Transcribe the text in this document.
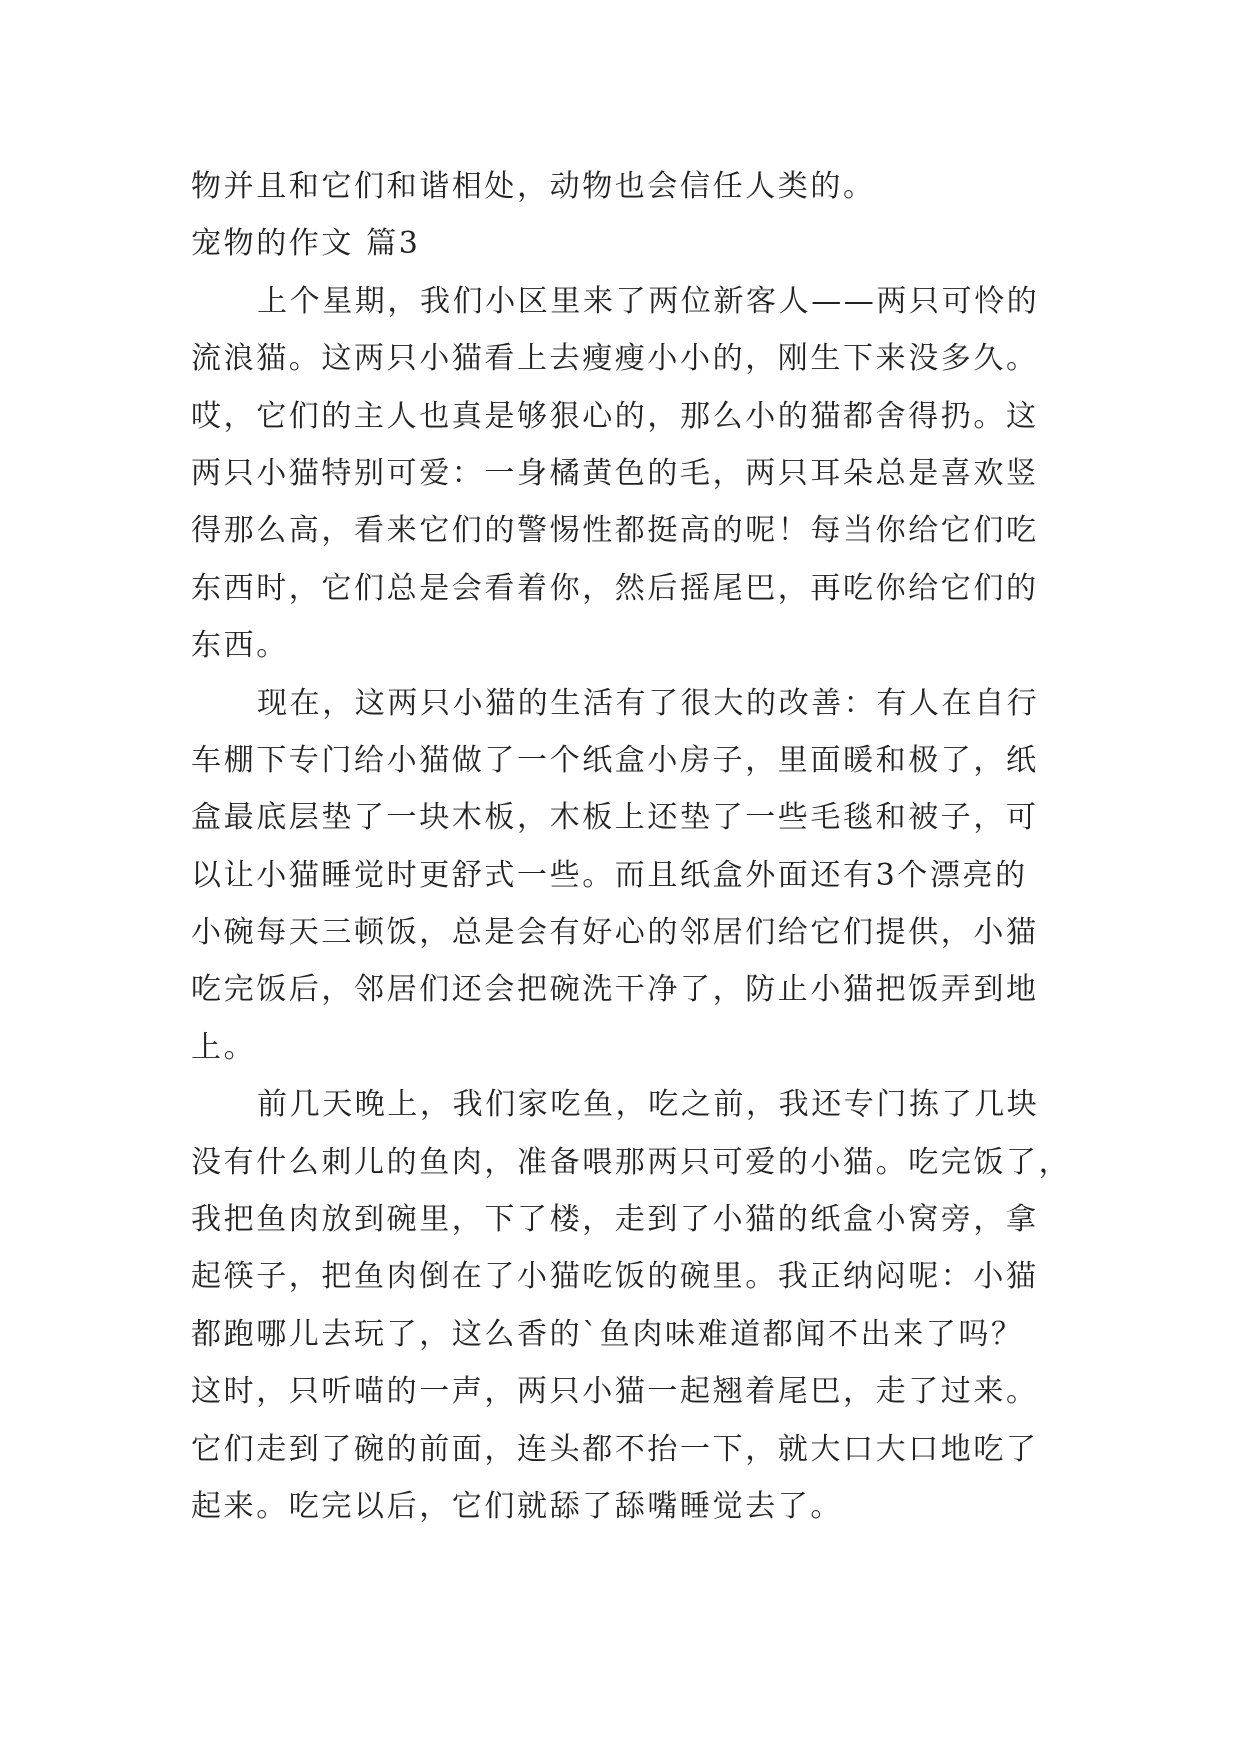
物并且和它们和谐相处，动物也会信任人类的。

宠物的作文 篇3

上个星期，我们小区里来了两位新客人——两只可怜的

流浪猫。这两只小猫看上去瘦瘦小小的，刚生下来没多久。

哎，它们的主人也真是够狠心的，那么小的猫都舍得扔。这

两只小猫特别可爱：一身橘黄色的毛，两只耳朵总是喜欢竖

得那么高，看来它们的警惕性都挺高的呢！每当你给它们吃

东西时，它们总是会看着你，然后摇尾巴，再吃你给它们的

东西。

现在，这两只小猫的生活有了很大的改善：有人在自行

车棚下专门给小猫做了一个纸盒小房子，里面暖和极了，纸

盒最底层垫了一块木板，木板上还垫了一些毛毯和被子，可

以让小猫睡觉时更舒式一些。而且纸盒外面还有3个漂亮的

小碗每天三顿饭，总是会有好心的邻居们给它们提供，小猫

吃完饭后，邻居们还会把碗洗干净了，防止小猫把饭弄到地

上。

前几天晚上，我们家吃鱼，吃之前，我还专门拣了几块

没有什么刺儿的鱼肉，准备喂那两只可爱的小猫。吃完饭了，

我把鱼肉放到碗里，下了楼，走到了小猫的纸盒小窝旁，拿

起筷子，把鱼肉倒在了小猫吃饭的碗里。我正纳闷呢：小猫

都跑哪儿去玩了，这么香的`鱼肉味难道都闻不出来了吗？

这时，只听喵的一声，两只小猫一起翘着尾巴，走了过来。

它们走到了碗的前面，连头都不抬一下，就大口大口地吃了

起来。吃完以后，它们就舔了舔嘴睡觉去了。
